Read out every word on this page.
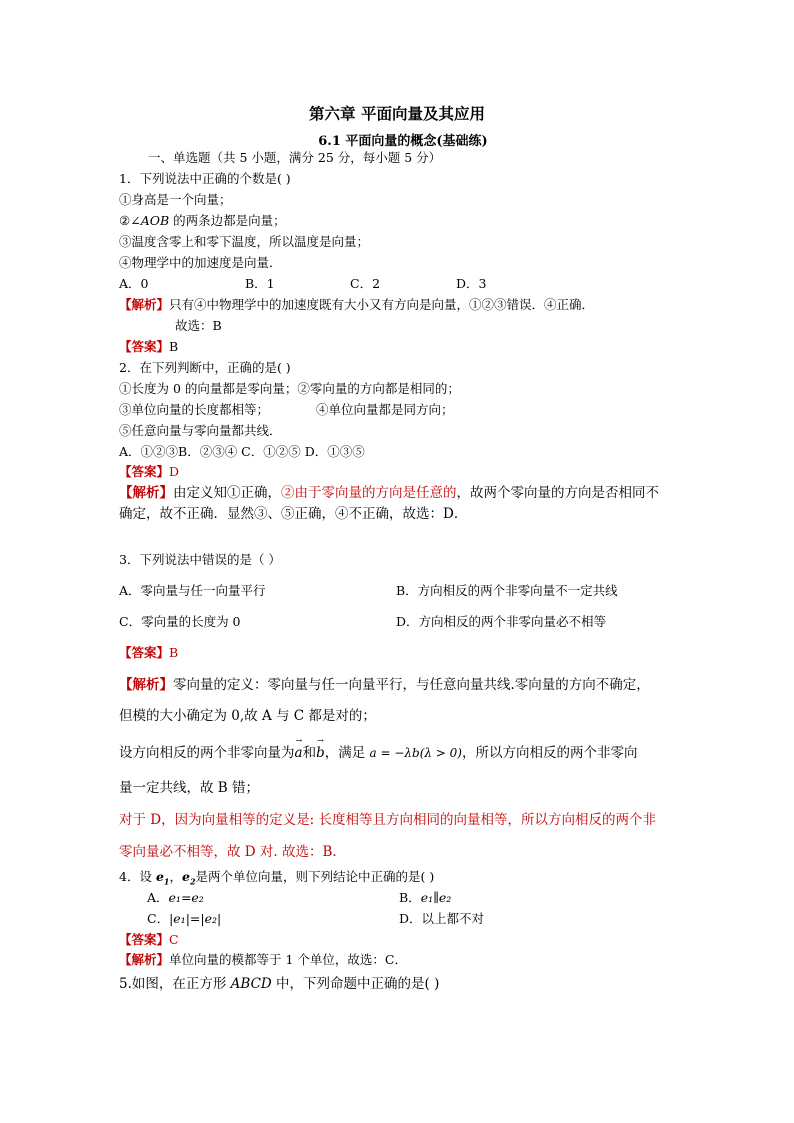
第六章 平面向量及其应用
6.1 平面向量的概念(基础练)
一、单选题（共 5 小题，满分 25 分，每小题 5 分）
1．下列说法中正确的个数是( )
①身高是一个向量；
②∠AOB 的两条边都是向量；
③温度含零上和零下温度，所以温度是向量；
④物理学中的加速度是向量．
A．0	B．1	C．2	D．3
【解析】只有④中物理学中的加速度既有大小又有方向是向量，①②③错误．④正确．
故选：B
【答案】B
2．在下列判断中，正确的是( )
①长度为 0 的向量都是零向量；②零向量的方向都是相同的；
③单位向量的长度都相等；	④单位向量都是同方向；
⑤任意向量与零向量都共线．
A．①②③B．②③④ C．①②⑤ D．①③⑤
【答案】D
【解析】由定义知①正确，②由于零向量的方向是任意的，故两个零向量的方向是否相同不
确定，故不正确．显然③、⑤正确，④不正确，故选：D．
3．下列说法中错误的是（ ）
A．零向量与任一向量平行	B．方向相反的两个非零向量不一定共线
C．零向量的长度为 0	D．方向相反的两个非零向量必不相等
【答案】B
【解析】零向量的定义：零向量与任一向量平行，与任意向量共线.零向量的方向不确定，
但模的大小确定为 0,故 A 与 C 都是对的；
设方向相反的两个非零向量为
→
a和
→
b，满足 a = −λb(λ > 0)，所以方向相反的两个非零向
量一定共线，故 B 错；
对于 D，因为向量相等的定义是: 长度相等且方向相同的向量相等，所以方向相反的两个非
零向量必不相等，故 D 对. 故选：B.
4．设 $e_1$，$e_2$是两个单位向量，则下列结论中正确的是( )
A．e₁=e₂	B．e₁∥e₂
C．|e₁|=|e₂|	D．以上都不对
【答案】C
【解析】单位向量的模都等于 1 个单位，故选：C．
5.如图，在正方形 ABCD 中，下列命题中正确的是( )
